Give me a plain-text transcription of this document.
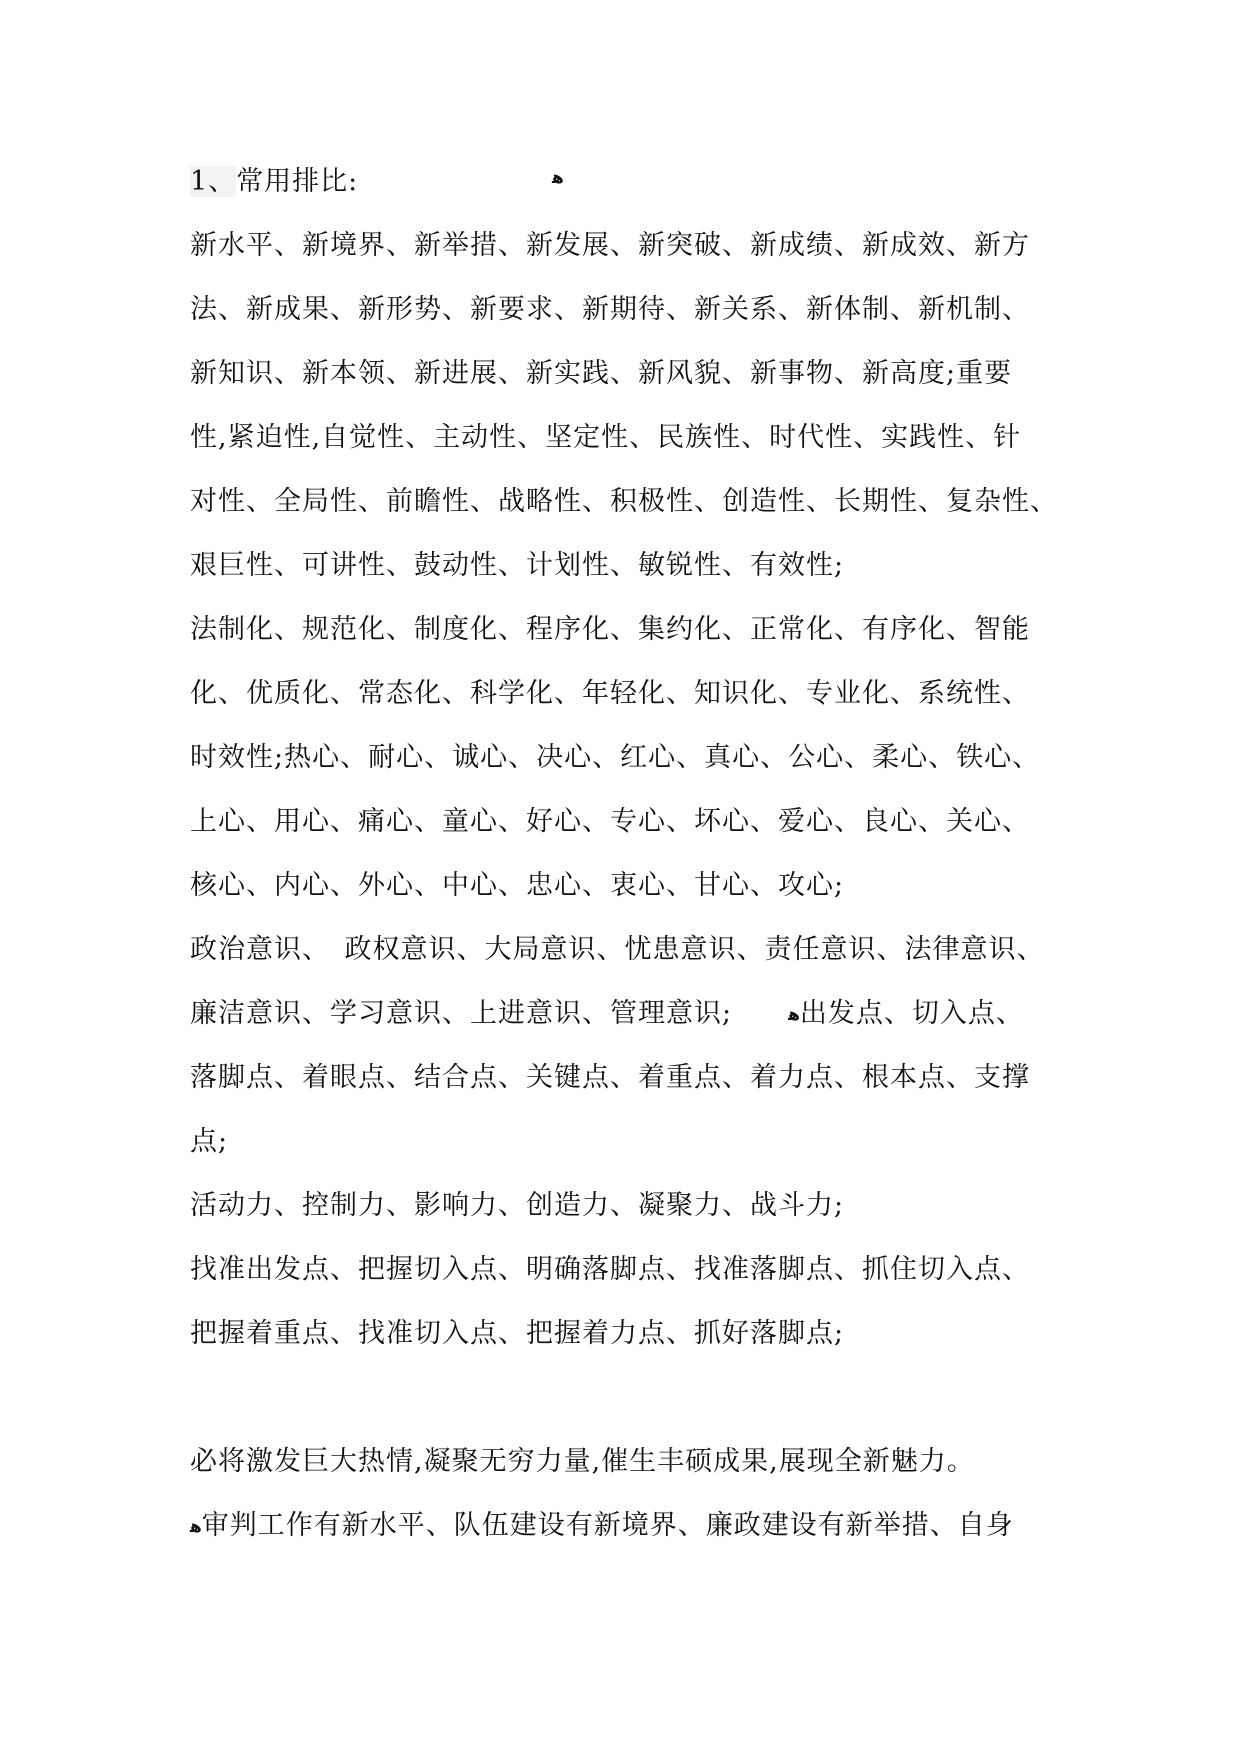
1、常用排比:	ﻫ
新水平、新境界、新举措、新发展、新突破、新成绩、新成效、新方
法、新成果、新形势、新要求、新期待、新关系、新体制、新机制、
新知识、新本领、新进展、新实践、新风貌、新事物、新高度;重要
性,紧迫性,自觉性、主动性、坚定性、民族性、时代性、实践性、针
对性、全局性、前瞻性、战略性、积极性、创造性、长期性、复杂性、
艰巨性、可讲性、鼓动性、计划性、敏锐性、有效性;
法制化、规范化、制度化、程序化、集约化、正常化、有序化、智能
化、优质化、常态化、科学化、年轻化、知识化、专业化、系统性、
时效性;热心、耐心、诚心、决心、红心、真心、公心、柔心、铁心、
上心、用心、痛心、童心、好心、专心、坏心、爱心、良心、关心、
核心、内心、外心、中心、忠心、衷心、甘心、攻心;
政治意识、　政权意识、大局意识、忧患意识、责任意识、法律意识、
廉洁意识、学习意识、上进意识、管理意识;　　ﻫ出发点、切入点、
落脚点、着眼点、结合点、关键点、着重点、着力点、根本点、支撑
点;
活动力、控制力、影响力、创造力、凝聚力、战斗力;
找准出发点、把握切入点、明确落脚点、找准落脚点、抓住切入点、
把握着重点、找准切入点、把握着力点、抓好落脚点;
必将激发巨大热情,凝聚无穷力量,催生丰硕成果,展现全新魅力。
ﻫ审判工作有新水平、队伍建设有新境界、廉政建设有新举措、自身
